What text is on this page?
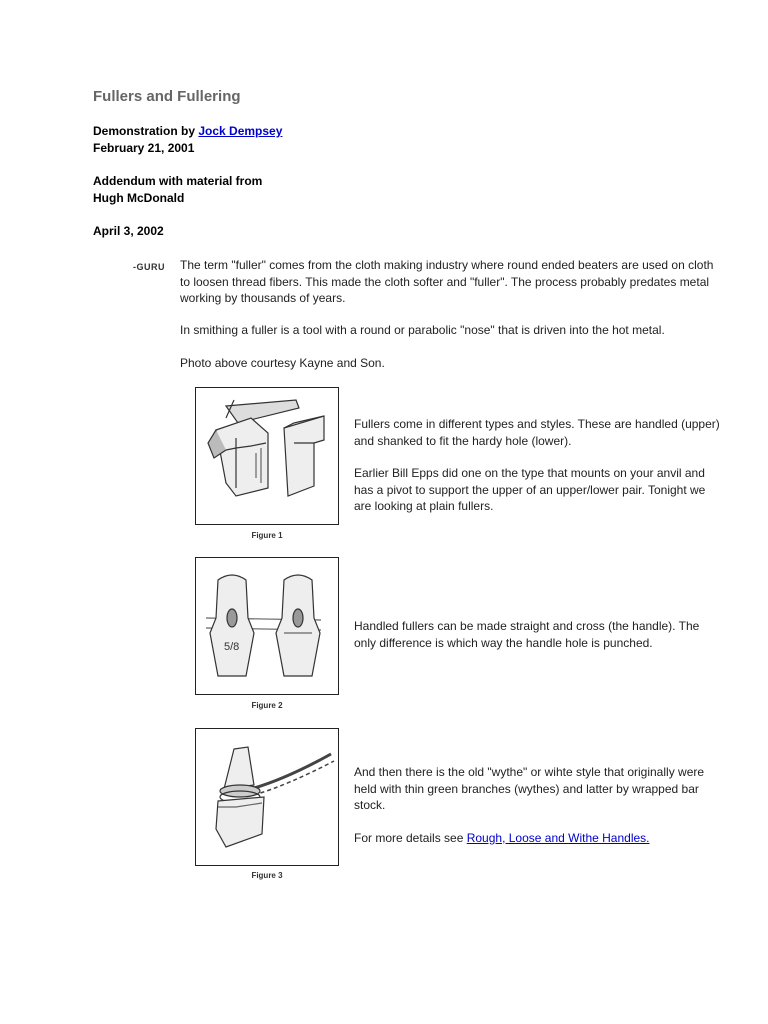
Fullers and Fullering
Demonstration by Jock Dempsey
February 21, 2001
Addendum with material from
Hugh McDonald
April 3, 2002
-GURU The term "fuller" comes from the cloth making industry where round ended beaters are used on cloth to loosen thread fibers. This made the cloth softer and "fuller". The process probably predates metal working by thousands of years.

In smithing a fuller is a tool with a round or parabolic "nose" that is driven into the hot metal.

Photo above courtesy Kayne and Son.

Figure 1

Fullers come in different types and styles. These are handled (upper) and shanked to fit the hardy hole (lower).

Earlier Bill Epps did one on the type that mounts on your anvil and has a pivot to support the upper of an upper/lower pair. Tonight we are looking at plain fullers.

5/8
Figure 2

Handled fullers can be made straight and cross (the handle). The only difference is which way the handle hole is punched.

Figure 3

And then there is the old "wythe" or wihte style that originally were held with thin green branches (wythes) and latter by wrapped bar stock.

For more details see Rough, Loose and Withe Handles.
